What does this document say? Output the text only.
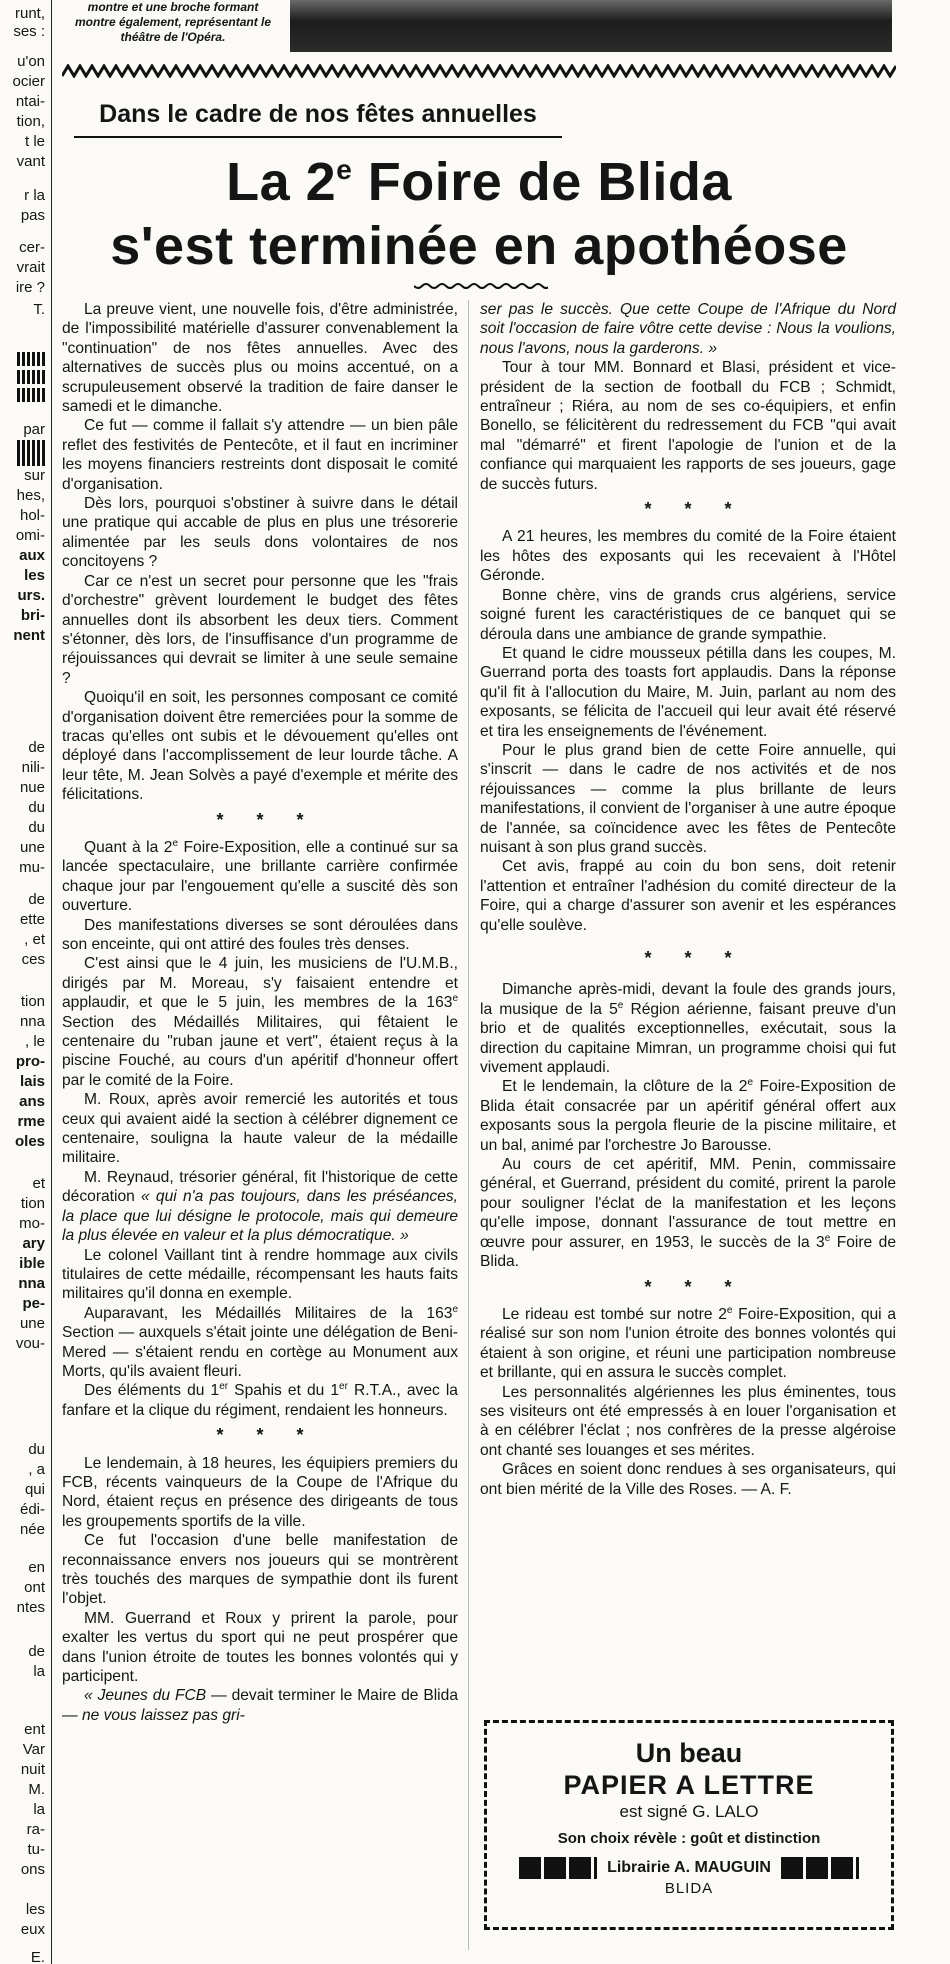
runt,
ses :
u'on
ocier
ntai-
tion,
t le
vant
r la
pas
cer-
vrait
ire ?
T.
par
sur
hes,
hol-
omi-
aux
les
urs.
bri-
nent
de
nili-
nue
du
du
une
mu-
de
ette
, et
ces
tion
nna
, le
pro-
lais
ans
rme
oles
et
tion
mo-
ary
ible
nna
pe-
une
vou-
du
, a
qui
édi-
née
en
ont
ntes
de
la
ent
Var
nuit
M.
la
ra-
tu-
ons
les
eux
E.
montre et une broche formant montre également, représentant le théâtre de l'Opéra.
Dans le cadre de nos fêtes annuelles
La 2e Foire de Blida
s'est terminée en apothéose

La preuve vient, une nouvelle fois, d'être administrée, de l'impossibilité matérielle d'assurer convenablement la "continuation" de nos fêtes annuelles. Avec des alternatives de succès plus ou moins accentué, on a scrupuleusement observé la tradition de faire danser le samedi et le dimanche.

Ce fut — comme il fallait s'y attendre — un bien pâle reflet des festivités de Pentecôte, et il faut en incriminer les moyens financiers restreints dont disposait le comité d'organisation.

Dès lors, pourquoi s'obstiner à suivre dans le détail une pratique qui accable de plus en plus une trésorerie alimentée par les seuls dons volontaires de nos concitoyens ?

Car ce n'est un secret pour personne que les "frais d'orchestre" grèvent lourdement le budget des fêtes annuelles dont ils absorbent les deux tiers. Comment s'étonner, dès lors, de l'insuffisance d'un programme de réjouissances qui devrait se limiter à une seule semaine ?

Quoiqu'il en soit, les personnes composant ce comité d'organisation doivent être remerciées pour la somme de tracas qu'elles ont subis et le dévouement qu'elles ont déployé dans l'accomplissement de leur lourde tâche. A leur tête, M. Jean Solvès a payé d'exemple et mérite des félicitations.

* * *

Quant à la 2e Foire-Exposition, elle a continué sur sa lancée spectaculaire, une brillante carrière confirmée chaque jour par l'engouement qu'elle a suscité dès son ouverture.

Des manifestations diverses se sont déroulées dans son enceinte, qui ont attiré des foules très denses.

C'est ainsi que le 4 juin, les musiciens de l'U.M.B., dirigés par M. Moreau, s'y faisaient entendre et applaudir, et que le 5 juin, les membres de la 163e Section des Médaillés Militaires, qui fêtaient le centenaire du "ruban jaune et vert", étaient reçus à la piscine Fouché, au cours d'un apéritif d'honneur offert par le comité de la Foire.

M. Roux, après avoir remercié les autorités et tous ceux qui avaient aidé la section à célébrer dignement ce centenaire, souligna la haute valeur de la médaille militaire.

M. Reynaud, trésorier général, fit l'historique de cette décoration « qui n'a pas toujours, dans les préséances, la place que lui désigne le protocole, mais qui demeure la plus élevée en valeur et la plus démocratique. »

Le colonel Vaillant tint à rendre hommage aux civils titulaires de cette médaille, récompensant les hauts faits militaires qu'il donna en exemple.

Auparavant, les Médaillés Militaires de la 163e Section — auxquels s'était jointe une délégation de Beni-Mered — s'étaient rendu en cortège au Monument aux Morts, qu'ils avaient fleuri.

Des éléments du 1er Spahis et du 1er R.T.A., avec la fanfare et la clique du régiment, rendaient les honneurs.

* * *

Le lendemain, à 18 heures, les équipiers premiers du FCB, récents vainqueurs de la Coupe de l'Afrique du Nord, étaient reçus en présence des dirigeants de tous les groupements sportifs de la ville.

Ce fut l'occasion d'une belle manifestation de reconnaissance envers nos joueurs qui se montrèrent très touchés des marques de sympathie dont ils furent l'objet.

MM. Guerrand et Roux y prirent la parole, pour exalter les vertus du sport qui ne peut prospérer que dans l'union étroite de toutes les bonnes volontés qui y participent.

« Jeunes du FCB — devait terminer le Maire de Blida — ne vous laissez pas gri-

ser pas le succès. Que cette Coupe de l'Afrique du Nord soit l'occasion de faire vôtre cette devise : Nous la voulions, nous l'avons, nous la garderons. »

Tour à tour MM. Bonnard et Blasi, président et vice-président de la section de football du FCB ; Schmidt, entraîneur ; Riéra, au nom de ses co-équipiers, et enfin Bonello, se félicitèrent du redressement du FCB "qui avait mal "démarré" et firent l'apologie de l'union et de la confiance qui marquaient les rapports de ses joueurs, gage de succès futurs.

* * *

A 21 heures, les membres du comité de la Foire étaient les hôtes des exposants qui les recevaient à l'Hôtel Géronde.

Bonne chère, vins de grands crus algériens, service soigné furent les caractéristiques de ce banquet qui se déroula dans une ambiance de grande sympathie.

Et quand le cidre mousseux pétilla dans les coupes, M. Guerrand porta des toasts fort applaudis. Dans la réponse qu'il fit à l'allocution du Maire, M. Juin, parlant au nom des exposants, se félicita de l'accueil qui leur avait été réservé et tira les enseignements de l'événement.

Pour le plus grand bien de cette Foire annuelle, qui s'inscrit — dans le cadre de nos activités et de nos réjouissances — comme la plus brillante de leurs manifestations, il convient de l'organiser à une autre époque de l'année, sa coïncidence avec les fêtes de Pentecôte nuisant à son plus grand succès.

Cet avis, frappé au coin du bon sens, doit retenir l'attention et entraîner l'adhésion du comité directeur de la Foire, qui a charge d'assurer son avenir et les espérances qu'elle soulève.

* * *

Dimanche après-midi, devant la foule des grands jours, la musique de la 5e Région aérienne, faisant preuve d'un brio et de qualités exceptionnelles, exécutait, sous la direction du capitaine Mimran, un programme choisi qui fut vivement applaudi.

Et le lendemain, la clôture de la 2e Foire-Exposition de Blida était consacrée par un apéritif général offert aux exposants sous la pergola fleurie de la piscine militaire, et un bal, animé par l'orchestre Jo Barousse.

Au cours de cet apéritif, MM. Penin, commissaire général, et Guerrand, président du comité, prirent la parole pour souligner l'éclat de la manifestation et les leçons qu'elle impose, donnant l'assurance de tout mettre en œuvre pour assurer, en 1953, le succès de la 3e Foire de Blida.

* * *

Le rideau est tombé sur notre 2e Foire-Exposition, qui a réalisé sur son nom l'union étroite des bonnes volontés qui étaient à son origine, et réuni une participation nombreuse et brillante, qui en assura le succès complet.

Les personnalités algériennes les plus éminentes, tous ses visiteurs ont été empressés à en louer l'organisation et à en célébrer l'éclat ; nos confrères de la presse algéroise ont chanté ses louanges et ses mérites.

Grâces en soient donc rendues à ses organisateurs, qui ont bien mérité de la Ville des Roses. — A. F.

Un beau
PAPIER A LETTRE
est signé G. LALO
Son choix révèle : goût et distinction
Librairie A. MAUGUIN
BLIDA
